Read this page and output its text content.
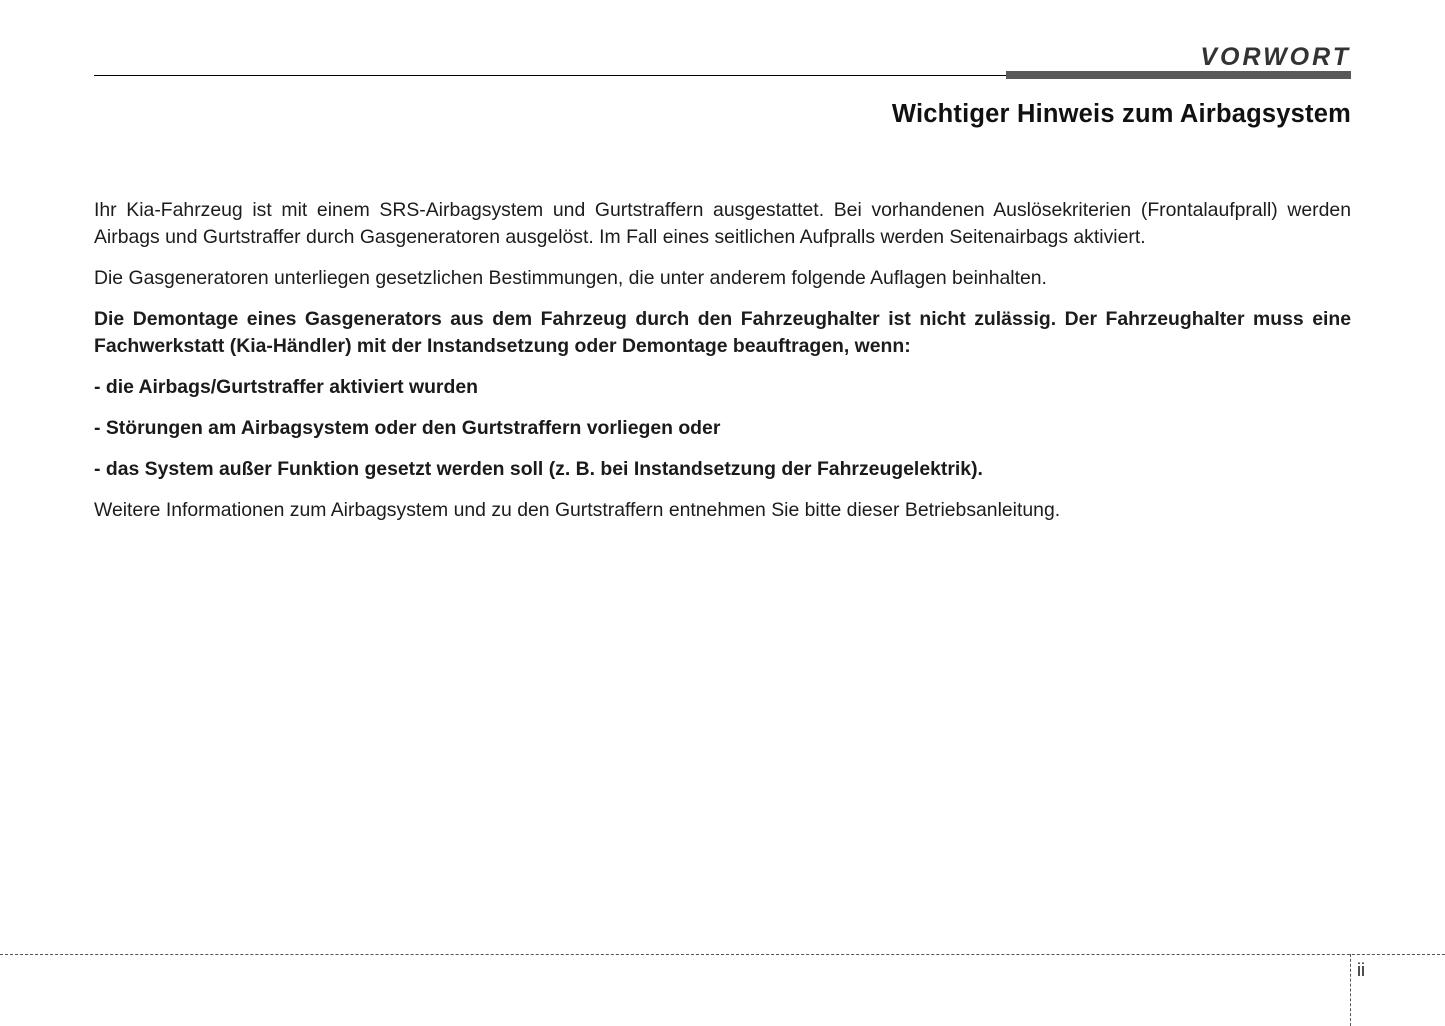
VORWORT
Wichtiger Hinweis zum Airbagsystem

Ihr Kia-Fahrzeug ist mit einem SRS-Airbagsystem und Gurtstraffern ausgestattet. Bei vorhandenen Auslösekriterien (Frontalaufprall) werden Airbags und Gurtstraffer durch Gasgeneratoren ausgelöst. Im Fall eines seitlichen Aufpralls werden Seitenairbags aktiviert.

Die Gasgeneratoren unterliegen gesetzlichen Bestimmungen, die unter anderem folgende Auflagen beinhalten.

Die Demontage eines Gasgenerators aus dem Fahrzeug durch den Fahrzeughalter ist nicht zulässig. Der Fahrzeughalter muss eine Fachwerkstatt (Kia-Händler) mit der Instandsetzung oder Demontage beauftragen, wenn:

- die Airbags/Gurtstraffer aktiviert wurden

- Störungen am Airbagsystem oder den Gurtstraffern vorliegen oder

- das System außer Funktion gesetzt werden soll (z. B. bei Instandsetzung der Fahrzeugelektrik).

Weitere Informationen zum Airbagsystem und zu den Gurtstraffern entnehmen Sie bitte dieser Betriebsanleitung.

ii
